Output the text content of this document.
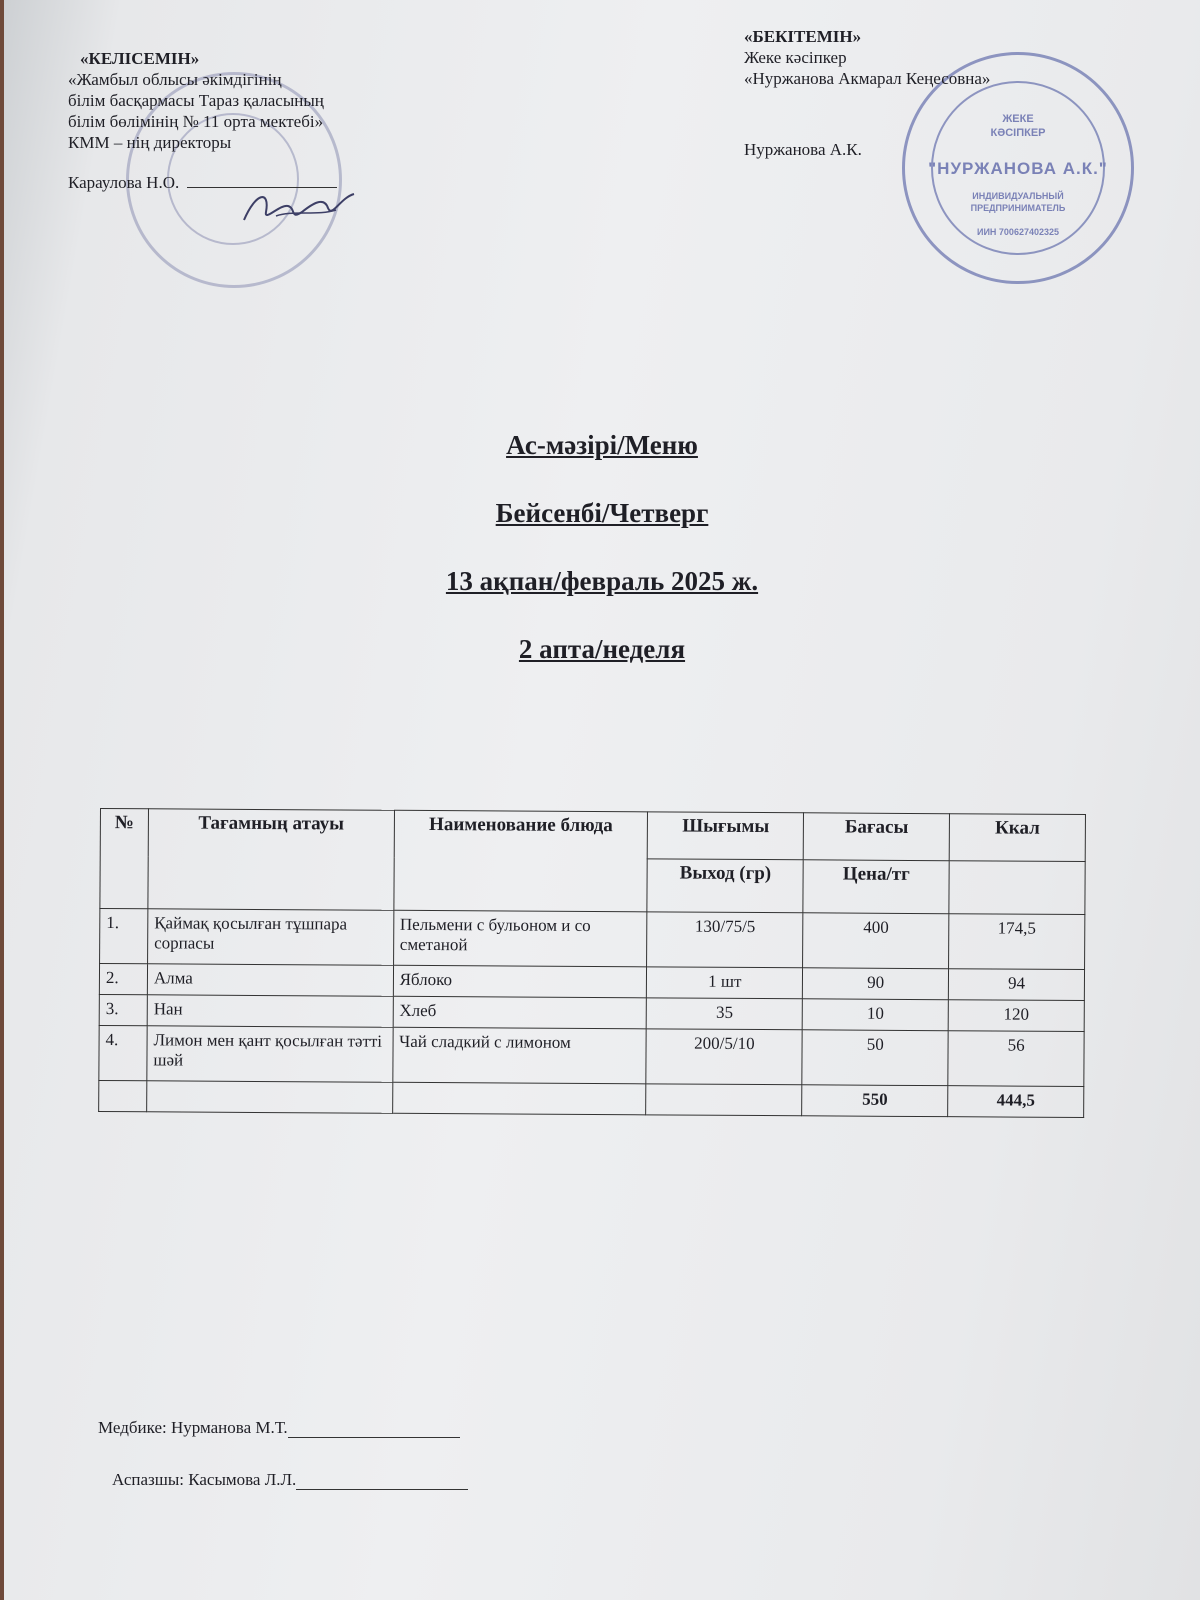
ЖЕКЕ
КӘСІПКЕР
"НУРЖАНОВА А.К."
ИНДИВИДУАЛЬНЫЙ
ПРЕДПРИНИМАТЕЛЬ
ИИН 700627402325
«КЕЛІСЕМІН»
«Жамбыл облысы әкімдігінің
білім басқармасы Тараз қаласының
білім бөлімінің № 11 орта мектебі»
КММ – нің директоры
Караулова Н.О.
«БЕКІТЕМІН»
Жеке кәсіпкер
«Нуржанова Акмарал Кеңесовна»
Нуржанова А.К.
Ас-мәзірі/Меню
Бейсенбі/Четверг
13 ақпан/февраль 2025 ж.
2 апта/неделя
№	Тағамның атауы	Наименование блюда	Шығымы	Бағасы	Ккал
			Выход (гр)	Цена/тг	
1.	Қаймақ қосылған тұшпара сорпасы	Пельмени с бульоном и со сметаной	130/75/5	400	174,5
2.	Алма	Яблоко	1 шт	90	94
3.	Нан	Хлеб	35	10	120
4.	Лимон мен қант қосылған тәтті шәй	Чай сладкий с лимоном	200/5/10	50	56
				550	444,5
Медбике: Нурманова М.Т.
Аспазшы: Касымова Л.Л.
